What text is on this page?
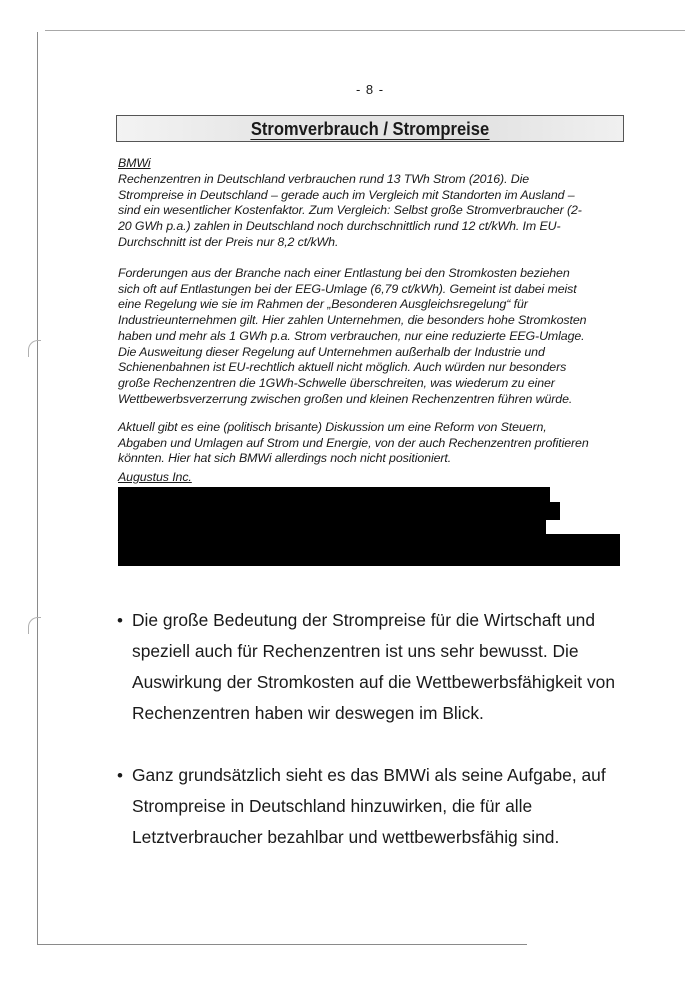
- 8 -
Stromverbrauch / Strompreise
BMWi
Rechenzentren in Deutschland verbrauchen rund 13 TWh Strom (2016). Die
Strompreise in Deutschland – gerade auch im Vergleich mit Standorten im Ausland –
sind ein wesentlicher Kostenfaktor. Zum Vergleich: Selbst große Stromverbraucher (2-
20 GWh p.a.) zahlen in Deutschland noch durchschnittlich rund 12 ct/kWh. Im EU-
Durchschnitt ist der Preis nur 8,2 ct/kWh.
Forderungen aus der Branche nach einer Entlastung bei den Stromkosten beziehen
sich oft auf Entlastungen bei der EEG-Umlage (6,79 ct/kWh). Gemeint ist dabei meist
eine Regelung wie sie im Rahmen der „Besonderen Ausgleichsregelung“ für
Industrieunternehmen gilt. Hier zahlen Unternehmen, die besonders hohe Stromkosten
haben und mehr als 1 GWh p.a. Strom verbrauchen, nur eine reduzierte EEG-Umlage.
Die Ausweitung dieser Regelung auf Unternehmen außerhalb der Industrie und
Schienenbahnen ist EU-rechtlich aktuell nicht möglich. Auch würden nur besonders
große Rechenzentren die 1GWh-Schwelle überschreiten, was wiederum zu einer
Wettbewerbsverzerrung zwischen großen und kleinen Rechenzentren führen würde.
Aktuell gibt es eine (politisch brisante) Diskussion um eine Reform von Steuern,
Abgaben und Umlagen auf Strom und Energie, von der auch Rechenzentren profitieren
könnten. Hier hat sich BMWi allerdings noch nicht positioniert.
Augustus Inc.
• Die große Bedeutung der Strompreise für die Wirtschaft und
speziell auch für Rechenzentren ist uns sehr bewusst. Die
Auswirkung der Stromkosten auf die Wettbewerbsfähigkeit von
Rechenzentren haben wir deswegen im Blick.
• Ganz grundsätzlich sieht es das BMWi als seine Aufgabe, auf
Strompreise in Deutschland hinzuwirken, die für alle
Letztverbraucher bezahlbar und wettbewerbsfähig sind.
